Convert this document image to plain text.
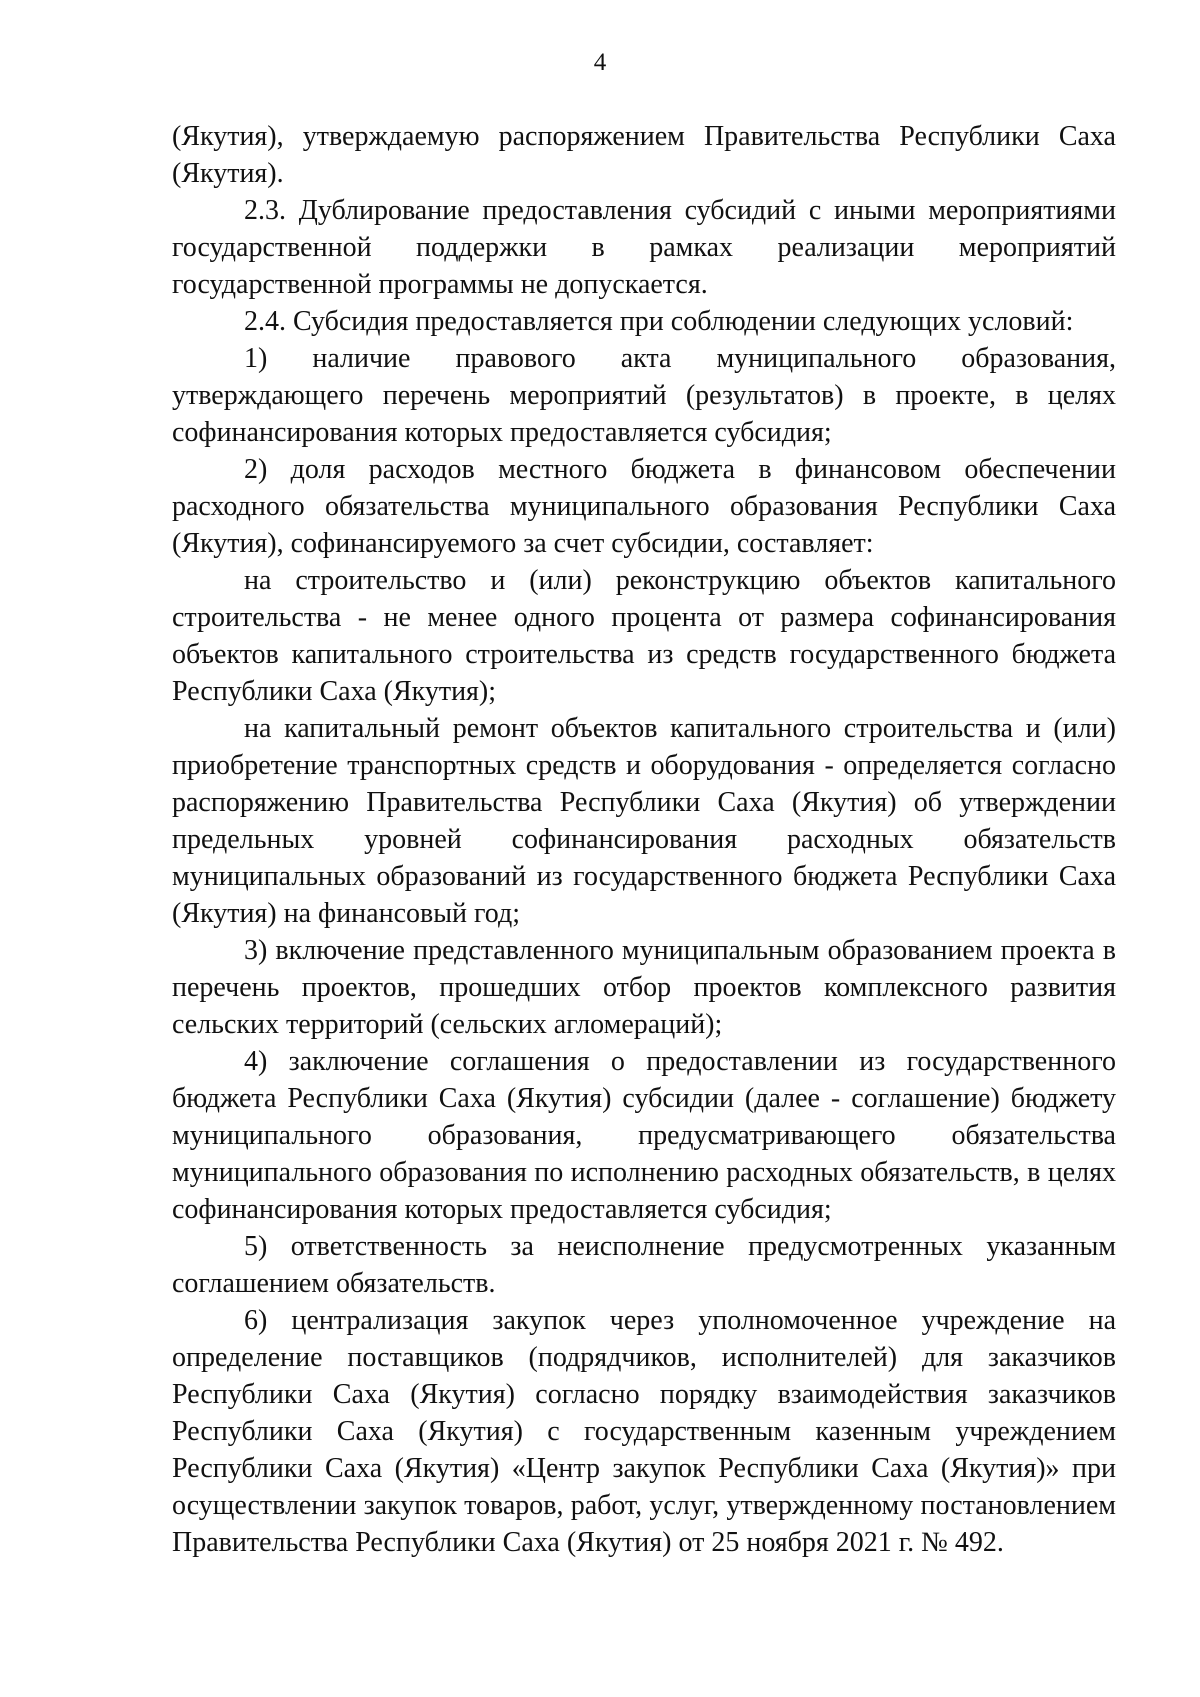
4

(Якутия), утверждаемую распоряжением Правительства Республики Саха (Якутия).

2.3. Дублирование предоставления субсидий с иными мероприятиями государственной поддержки в рамках реализации мероприятий государственной программы не допускается.

2.4. Субсидия предоставляется при соблюдении следующих условий:

1) наличие правового акта муниципального образования, утверждающего перечень мероприятий (результатов) в проекте, в целях софинансирования которых предоставляется субсидия;

2) доля расходов местного бюджета в финансовом обеспечении расходного обязательства муниципального образования Республики Саха (Якутия), софинансируемого за счет субсидии, составляет:

на строительство и (или) реконструкцию объектов капитального строительства - не менее одного процента от размера софинансирования объектов капитального строительства из средств государственного бюджета Республики Саха (Якутия);

на капитальный ремонт объектов капитального строительства и (или) приобретение транспортных средств и оборудования - определяется согласно распоряжению Правительства Республики Саха (Якутия) об утверждении предельных уровней софинансирования расходных обязательств муниципальных образований из государственного бюджета Республики Саха (Якутия) на финансовый год;

3) включение представленного муниципальным образованием проекта в перечень проектов, прошедших отбор проектов комплексного развития сельских территорий (сельских агломераций);

4) заключение соглашения о предоставлении из государственного бюджета Республики Саха (Якутия) субсидии (далее - соглашение) бюджету муниципального образования, предусматривающего обязательства муниципального образования по исполнению расходных обязательств, в целях софинансирования которых предоставляется субсидия;

5) ответственность за неисполнение предусмотренных указанным соглашением обязательств.

6) централизация закупок через уполномоченное учреждение на определение поставщиков (подрядчиков, исполнителей) для заказчиков Республики Саха (Якутия) согласно порядку взаимодействия заказчиков Республики Саха (Якутия) с государственным казенным учреждением Республики Саха (Якутия) «Центр закупок Республики Саха (Якутия)» при осуществлении закупок товаров, работ, услуг, утвержденному постановлением Правительства Республики Саха (Якутия) от 25 ноября 2021 г. № 492.
